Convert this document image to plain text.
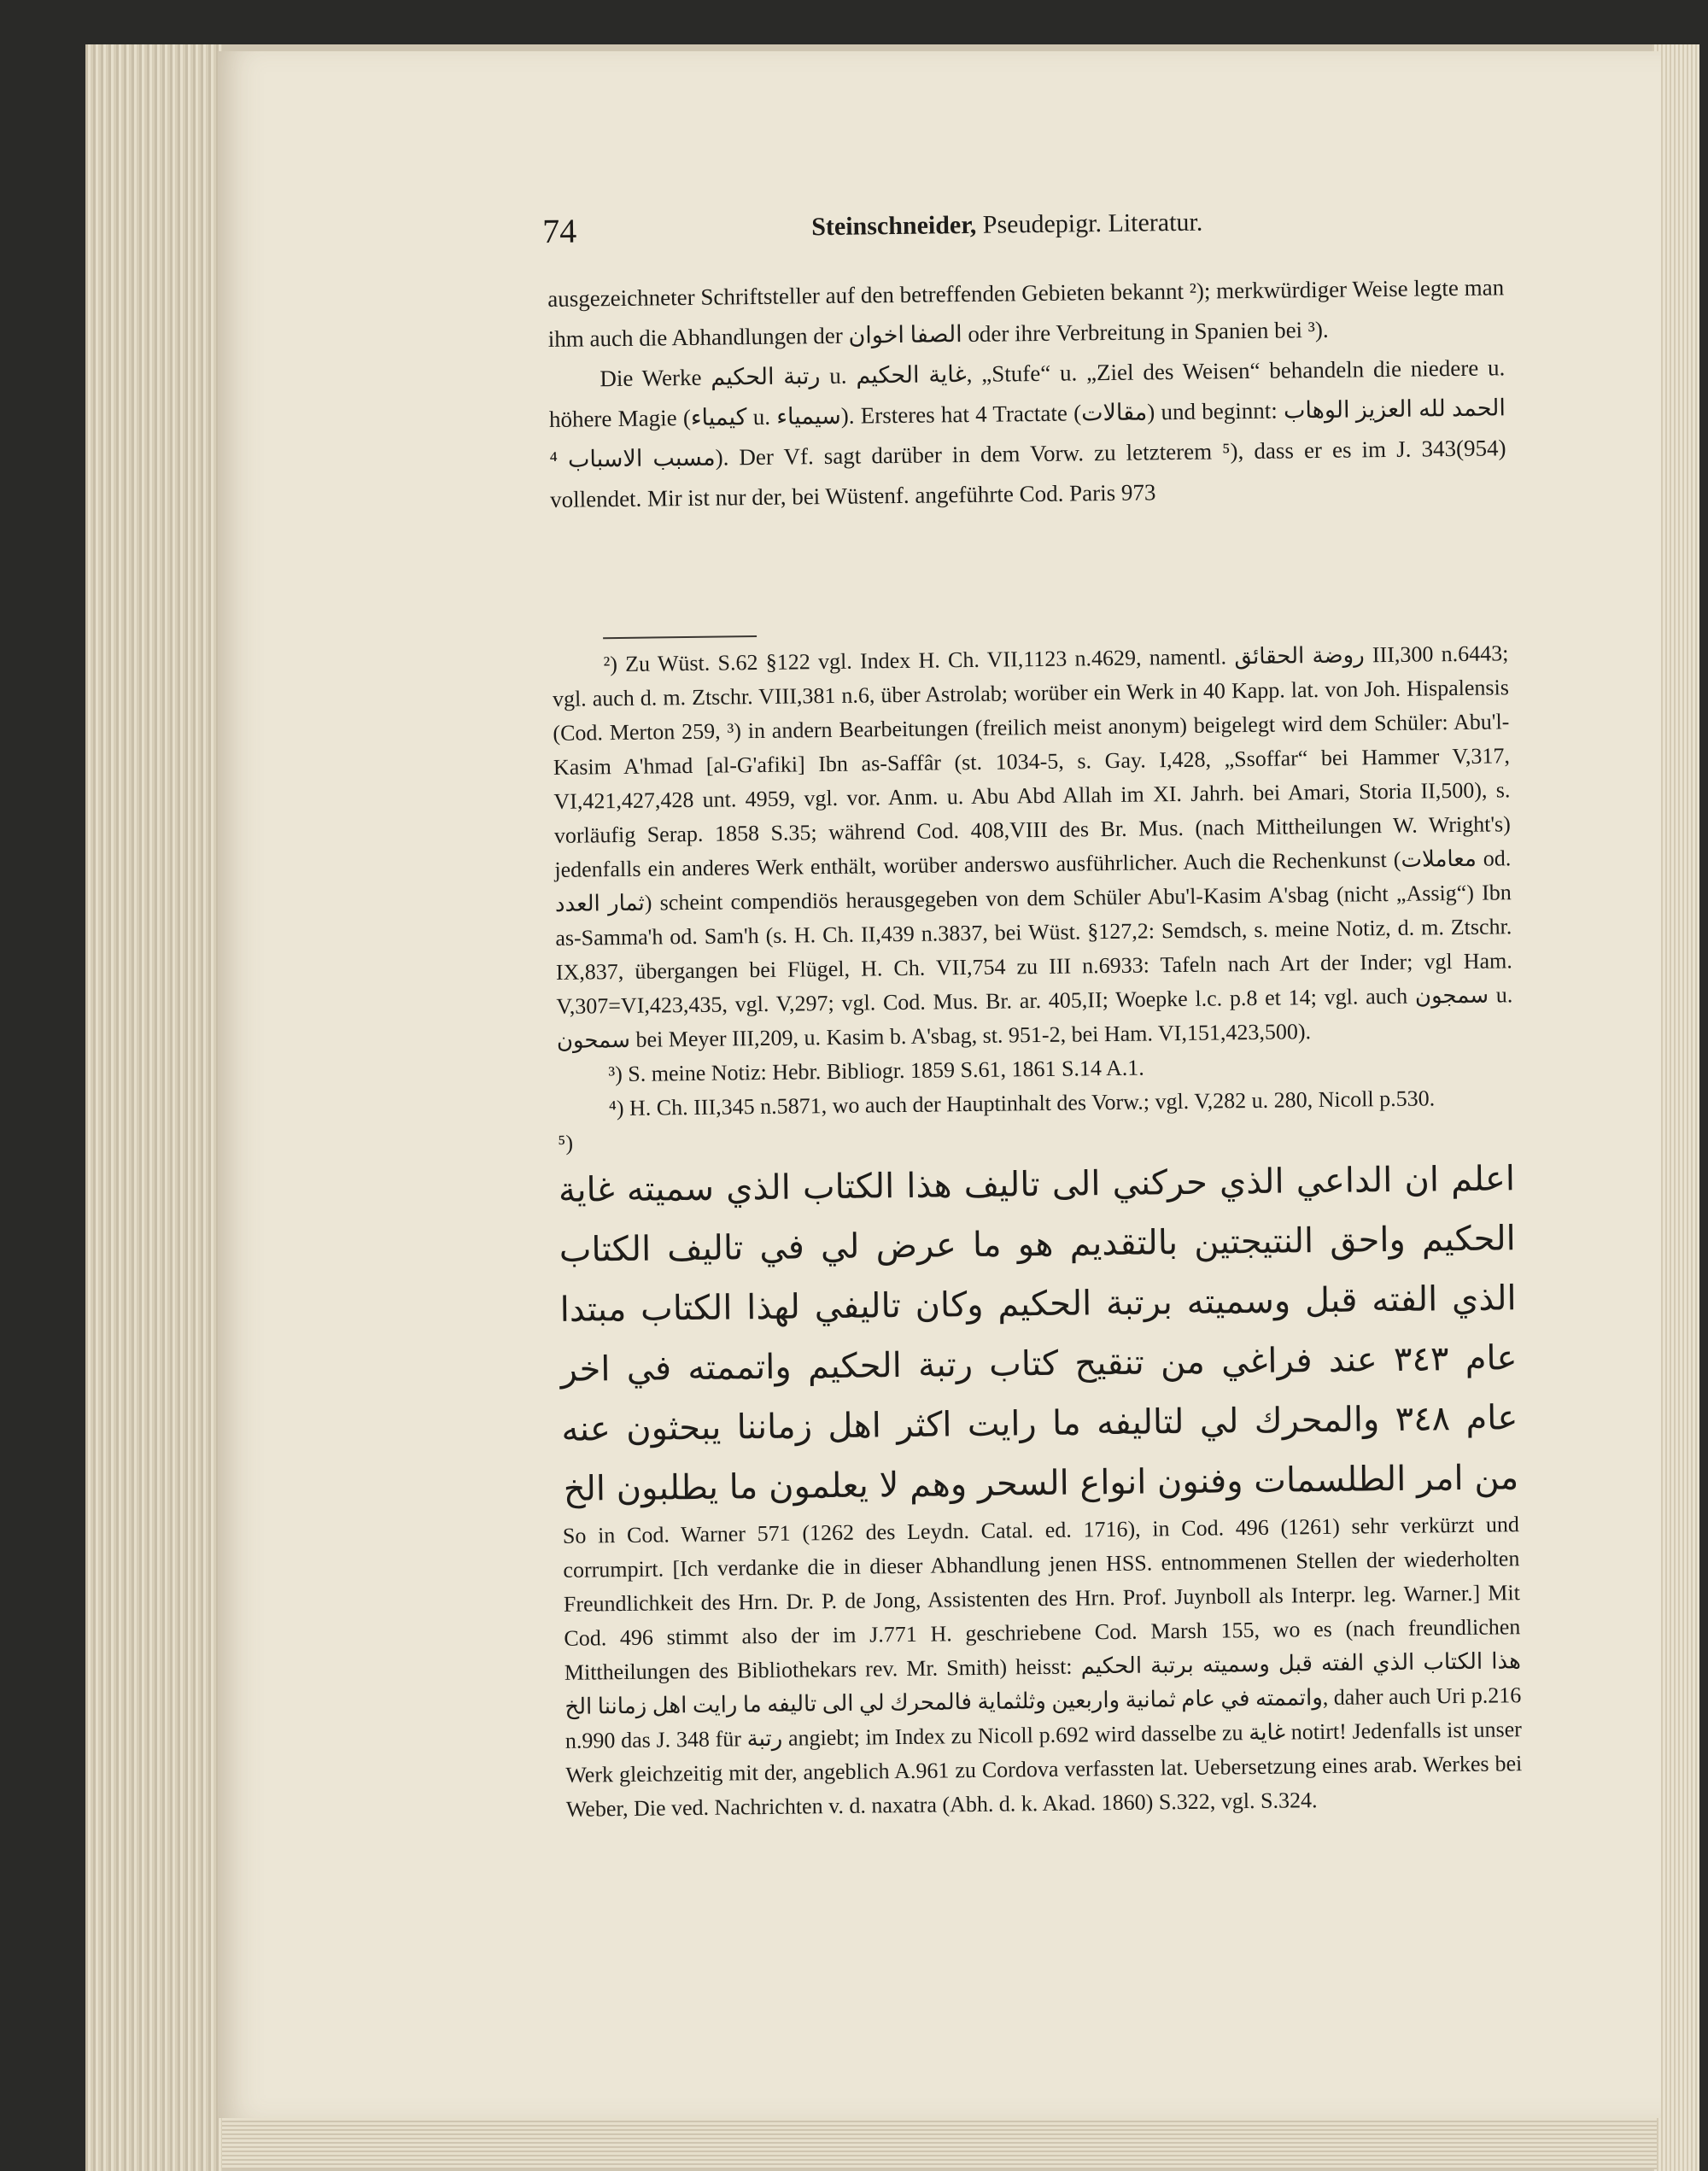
74	Steinschneider, Pseudepigr. Literatur.

ausgezeichneter Schriftsteller auf den betreffenden Gebieten bekannt ²); merkwürdiger Weise legte man ihm auch die Abhandlungen der الصفا اخوان oder ihre Verbreitung in Spanien bei ³).

Die Werke رتبة الحكيم u. غاية الحكيم, „Stufe“ u. „Ziel des Weisen“ behandeln die niedere u. höhere Magie (كيمياء u. سيمياء). Ersteres hat 4 Tractate (مقالات) und beginnt: الحمد لله العزيز الوهاب مسبب الاسباب ⁴). Der Vf. sagt darüber in dem Vorw. zu letzterem ⁵), dass er es im J. 343(954) vollendet. Mir ist nur der, bei Wüstenf. angeführte Cod. Paris 973

²) Zu Wüst. S.62 §122 vgl. Index H. Ch. VII,1123 n.4629, namentl. روضة الحقائق III,300 n.6443; vgl. auch d. m. Ztschr. VIII,381 n.6, über Astrolab; worüber ein Werk in 40 Kapp. lat. von Joh. Hispalensis (Cod. Merton 259, ³) in andern Bearbeitungen (freilich meist anonym) beigelegt wird dem Schüler: Abu'l-Kasim A'hmad [al-G'afiki] Ibn as-Saffâr (st. 1034-5, s. Gay. I,428, „Ssoffar“ bei Hammer V,317, VI,421,427,428 unt. 4959, vgl. vor. Anm. u. Abu Abd Allah im XI. Jahrh. bei Amari, Storia II,500), s. vorläufig Serap. 1858 S.35; während Cod. 408,VIII des Br. Mus. (nach Mittheilungen W. Wright's) jedenfalls ein anderes Werk enthält, worüber anderswo ausführlicher. Auch die Rechenkunst (معاملات od. ثمار العدد) scheint compendiös herausgegeben von dem Schüler Abu'l-Kasim A'sbag (nicht „Assig“) Ibn as-Samma'h od. Sam'h (s. H. Ch. II,439 n.3837, bei Wüst. §127,2: Semdsch, s. meine Notiz, d. m. Ztschr. IX,837, übergangen bei Flügel, H. Ch. VII,754 zu III n.6933: Tafeln nach Art der Inder; vgl Ham. V,307=VI,423,435, vgl. V,297; vgl. Cod. Mus. Br. ar. 405,II; Woepke l.c. p.8 et 14; vgl. auch سمجون u. سمحون bei Meyer III,209, u. Kasim b. A'sbag, st. 951-2, bei Ham. VI,151,423,500).

³) S. meine Notiz: Hebr. Bibliogr. 1859 S.61, 1861 S.14 A.1.

⁴) H. Ch. III,345 n.5871, wo auch der Hauptinhalt des Vorw.; vgl. V,282 u. 280, Nicoll p.530.

⁵)

اعلم ان الداعي الذي حركني الى تاليف هذا الكتاب الذي سميته غاية الحكيم واحق النتيجتين بالتقديم هو ما عرض لي في تاليف الكتاب الذي الفته قبل وسميته برتبة الحكيم وكان تاليفي لهذا الكتاب مبتدا عام ٣٤٣ عند فراغي من تنقيح كتاب رتبة الحكيم واتممته في اخر عام ٣٤٨ والمحرك لي لتاليفه ما رايت اكثر اهل زماننا يبحثون عنه من امر الطلسمات وفنون انواع السحر وهم لا يعلمون ما يطلبون الخ

So in Cod. Warner 571 (1262 des Leydn. Catal. ed. 1716), in Cod. 496 (1261) sehr verkürzt und corrumpirt. [Ich verdanke die in dieser Abhandlung jenen HSS. entnommenen Stellen der wiederholten Freundlichkeit des Hrn. Dr. P. de Jong, Assistenten des Hrn. Prof. Juynboll als Interpr. leg. Warner.] Mit Cod. 496 stimmt also der im J.771 H. geschriebene Cod. Marsh 155, wo es (nach freundlichen Mittheilungen des Bibliothekars rev. Mr. Smith) heisst: هذا الكتاب الذي الفته قبل وسميته برتبة الحكيم واتممته في عام ثمانية واربعين وثلثماية فالمحرك لي الى تاليفه ما رايت اهل زماننا الخ, daher auch Uri p.216 n.990 das J. 348 für رتبة angiebt; im Index zu Nicoll p.692 wird dasselbe zu غاية notirt! Jedenfalls ist unser Werk gleichzeitig mit der, angeblich A.961 zu Cordova verfassten lat. Uebersetzung eines arab. Werkes bei Weber, Die ved. Nachrichten v. d. naxatra (Abh. d. k. Akad. 1860) S.322, vgl. S.324.
